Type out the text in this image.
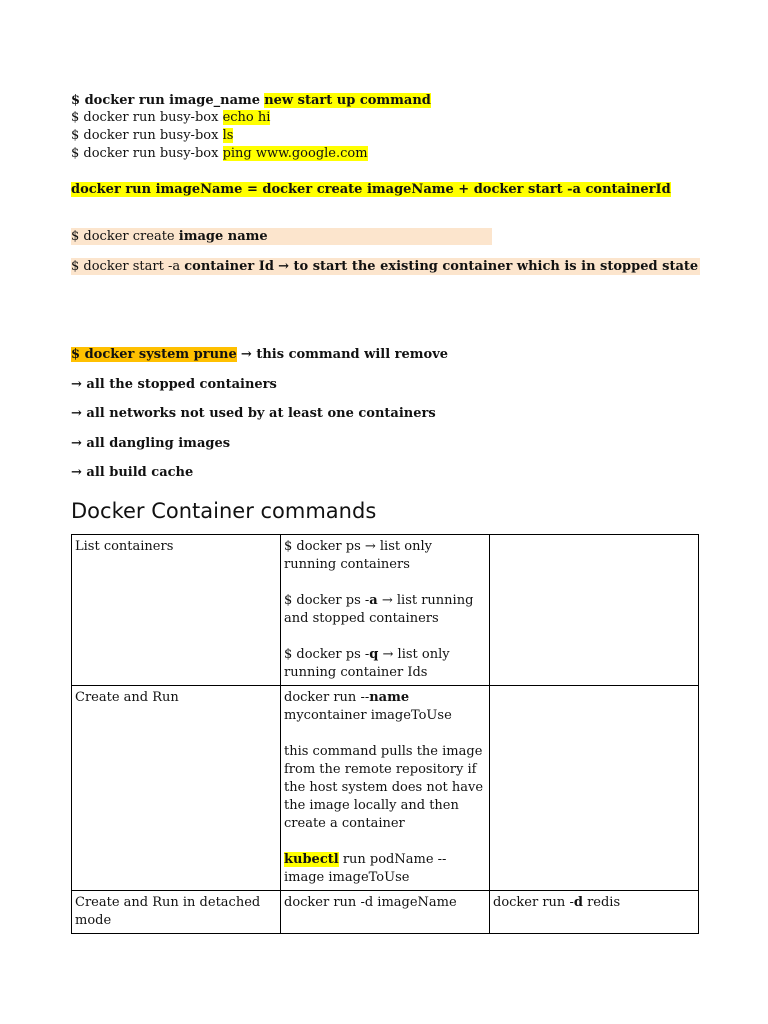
$ docker run image_name new start up command
$ docker run busy-box echo hi
$ docker run busy-box ls
$ docker run busy-box ping www.google.com
docker run imageName = docker create imageName + docker start -a containerId
$ docker create image name
$ docker start -a container Id → to start the existing container which is in stopped state
$ docker system prune → this command will remove
→ all the stopped containers
→ all networks not used by at least one containers
→ all dangling images
→ all build cache
Docker Container commands

List containers	$ docker ps → list only running containers

$ docker ps -a → list running and stopped containers

$ docker ps -q → list only running container Ids	

Create and Run	docker run --name mycontainer imageToUse

this command pulls the image from the remote repository if the host system does not have the image locally and then create a container

kubectl run podName --image imageToUse	

Create and Run in detached mode	docker run -d imageName	docker run -d redis
